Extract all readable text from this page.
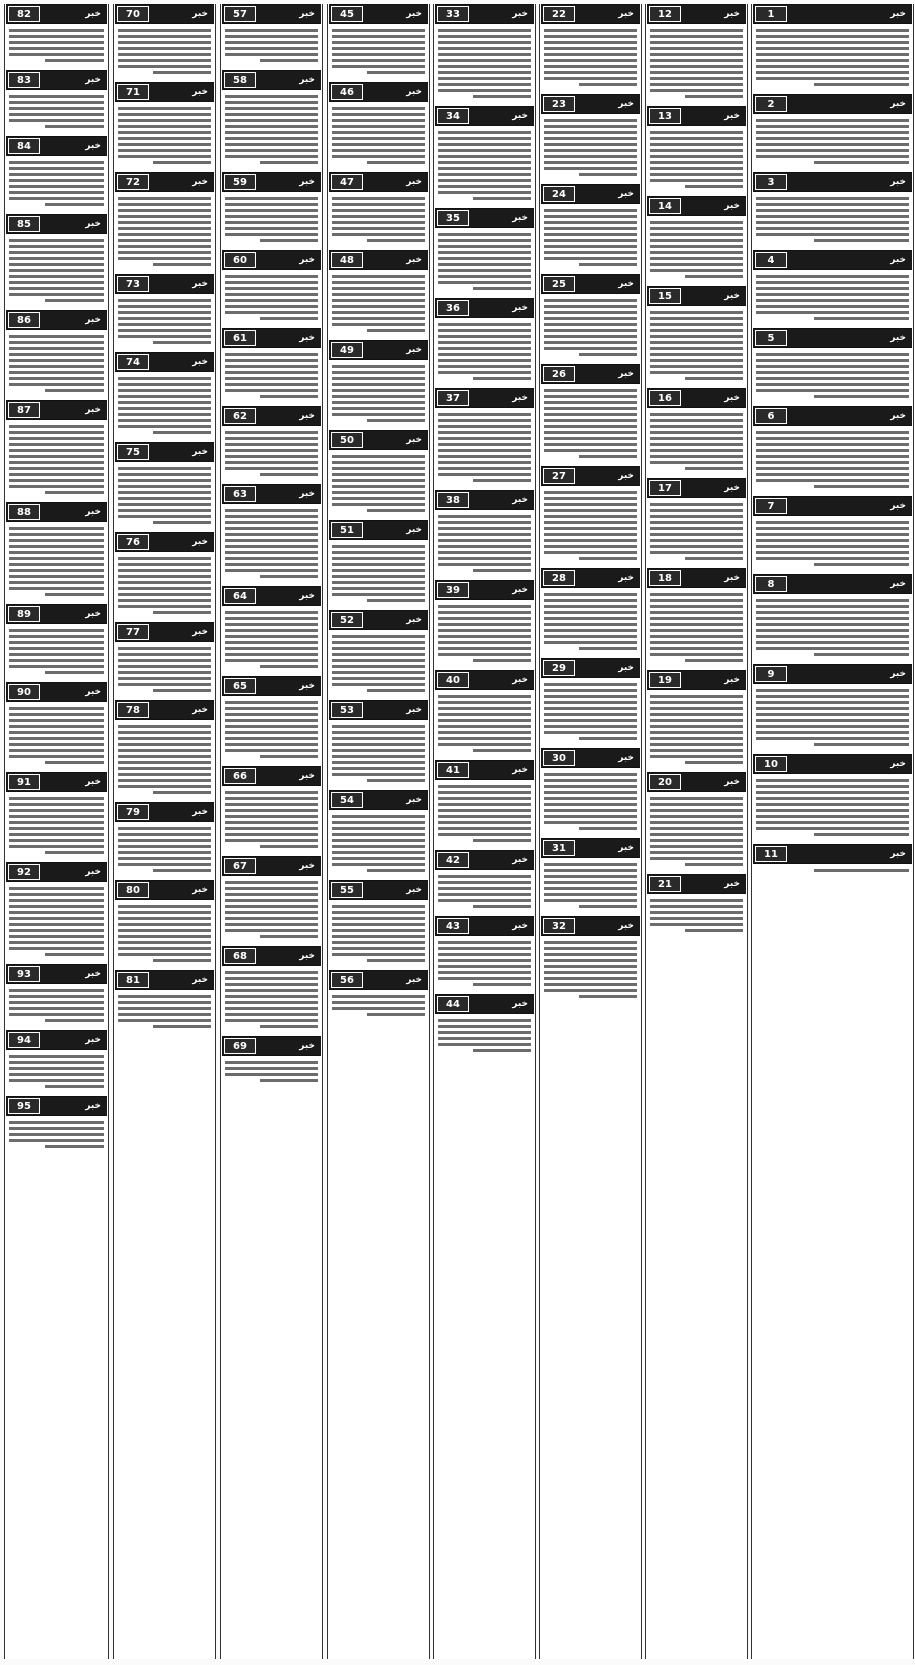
82	خبر
83	خبر
84	خبر
85	خبر
86	خبر
87	خبر
88	خبر
89	خبر
90	خبر
91	خبر
92	خبر
93	خبر
94	خبر
95	خبر
70	خبر
71	خبر
72	خبر
73	خبر
74	خبر
75	خبر
76	خبر
77	خبر
78	خبر
79	خبر
80	خبر
81	خبر
57	خبر
58	خبر
59	خبر
60	خبر
61	خبر
62	خبر
63	خبر
64	خبر
65	خبر
66	خبر
67	خبر
68	خبر
69	خبر
45	خبر
46	خبر
47	خبر
48	خبر
49	خبر
50	خبر
51	خبر
52	خبر
53	خبر
54	خبر
55	خبر
56	خبر
33	خبر
34	خبر
35	خبر
36	خبر
37	خبر
38	خبر
39	خبر
40	خبر
41	خبر
42	خبر
43	خبر
44	خبر
22	خبر
23	خبر
24	خبر
25	خبر
26	خبر
27	خبر
28	خبر
29	خبر
30	خبر
31	خبر
32	خبر
12	خبر
13	خبر
14	خبر
15	خبر
16	خبر
17	خبر
18	خبر
19	خبر
20	خبر
21	خبر
1	خبر
2	خبر
3	خبر
4	خبر
5	خبر
6	خبر
7	خبر
8	خبر
9	خبر
10	خبر
11	خبر
